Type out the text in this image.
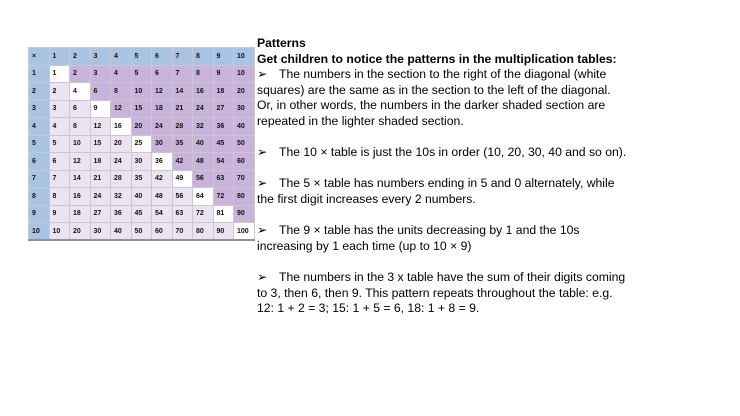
×	1	2	3	4	5	6	7	8	9	10

1	1	2	3	4	5	6	7	8	9	10

2	2	4	6	8	10	12	14	16	18	20

3	3	6	9	12	15	18	21	24	27	30

4	4	8	12	16	20	24	28	32	36	40

5	5	10	15	20	25	30	35	40	45	50

6	6	12	18	24	30	36	42	48	54	60

7	7	14	21	28	35	42	49	56	63	70

8	8	16	24	32	40	48	56	64	72	80

9	9	18	27	36	45	54	63	72	81	90

10	10	20	30	40	50	60	70	80	90	100
Patterns
Get children to notice the patterns in the multiplication tables:
➢ The numbers in the section to the right of the diagonal (white squares) are the same as in the section to the left of the diagonal. Or, in other words, the numbers in the darker shaded section are repeated in the lighter shaded section.
➢ The 10 × table is just the 10s in order (10, 20, 30, 40 and so on).
➢ The 5 × table has numbers ending in 5 and 0 alternately, while the first digit increases every 2 numbers.
➢ The 9 × table has the units decreasing by 1 and the 10s increasing by 1 each time (up to 10 × 9)
➢ The numbers in the 3 x table have the sum of their digits coming to 3, then 6, then 9. This pattern repeats throughout the table: e.g. 12: 1 + 2 = 3; 15: 1 + 5 = 6, 18: 1 + 8 = 9.
